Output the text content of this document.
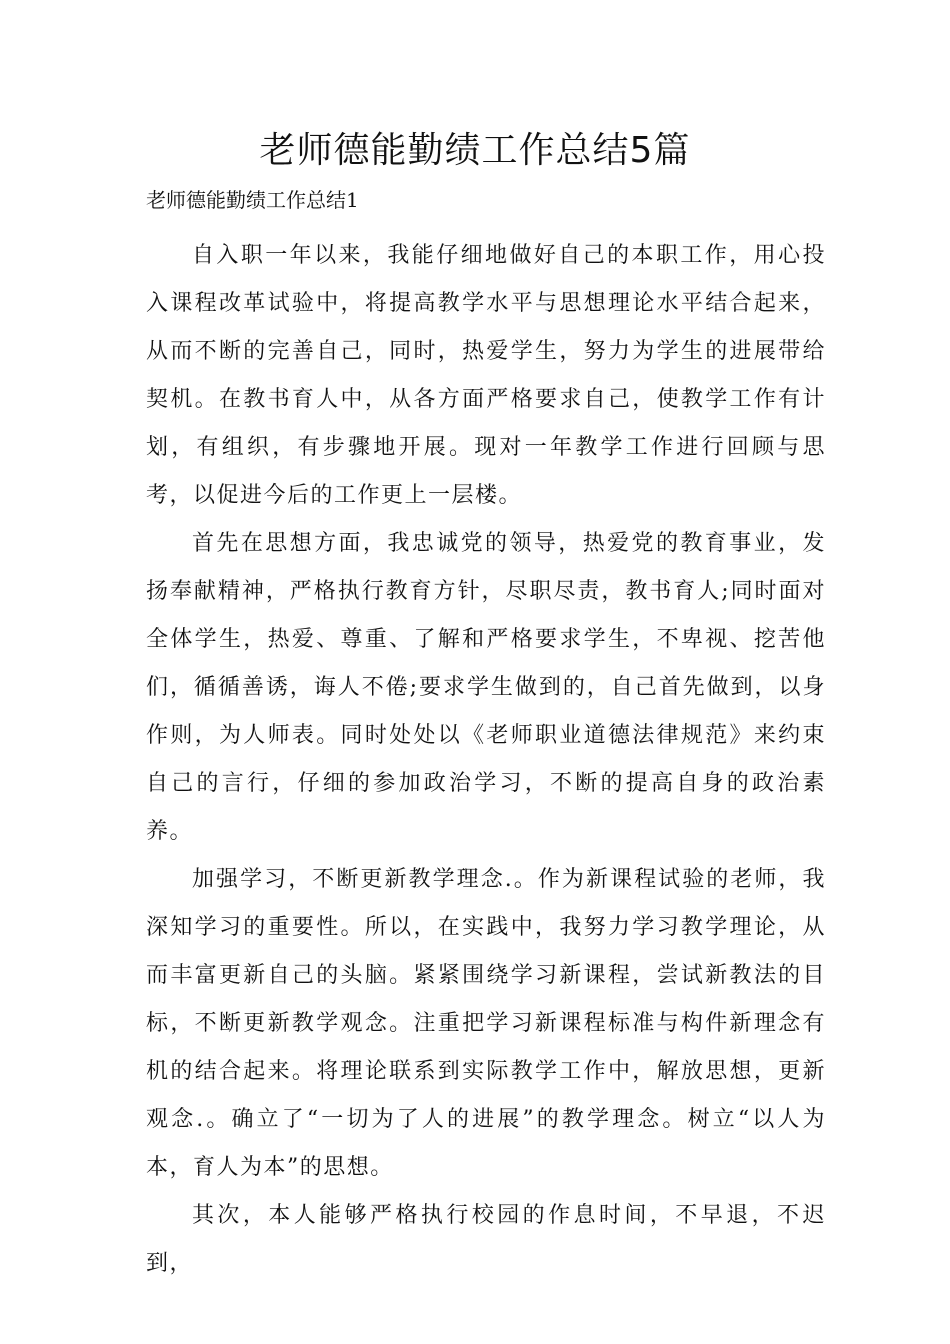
老师德能勤绩工作总结5篇
老师德能勤绩工作总结1

自入职一年以来，我能仔细地做好自己的本职工作，用心投入课程改革试验中，将提高教学水平与思想理论水平结合起来，从而不断的完善自己，同时，热爱学生，努力为学生的进展带给契机。在教书育人中，从各方面严格要求自己，使教学工作有计划，有组织，有步骤地开展。现对一年教学工作进行回顾与思考，以促进今后的工作更上一层楼。

首先在思想方面，我忠诚党的领导，热爱党的教育事业，发扬奉献精神，严格执行教育方针，尽职尽责，教书育人;同时面对全体学生，热爱、尊重、了解和严格要求学生，不卑视、挖苦他们，循循善诱，诲人不倦;要求学生做到的，自己首先做到，以身作则，为人师表。同时处处以《老师职业道德法律规范》来约束自己的言行，仔细的参加政治学习，不断的提高自身的政治素养。

加强学习，不断更新教学理念.。作为新课程试验的老师，我深知学习的重要性。所以，在实践中，我努力学习教学理论，从而丰富更新自己的头脑。紧紧围绕学习新课程，尝试新教法的目标，不断更新教学观念。注重把学习新课程标准与构件新理念有机的结合起来。将理论联系到实际教学工作中，解放思想，更新观念.。确立了“一切为了人的进展”的教学理念。树立“以人为本，育人为本”的思想。

其次，本人能够严格执行校园的作息时间，不早退，不迟到，
